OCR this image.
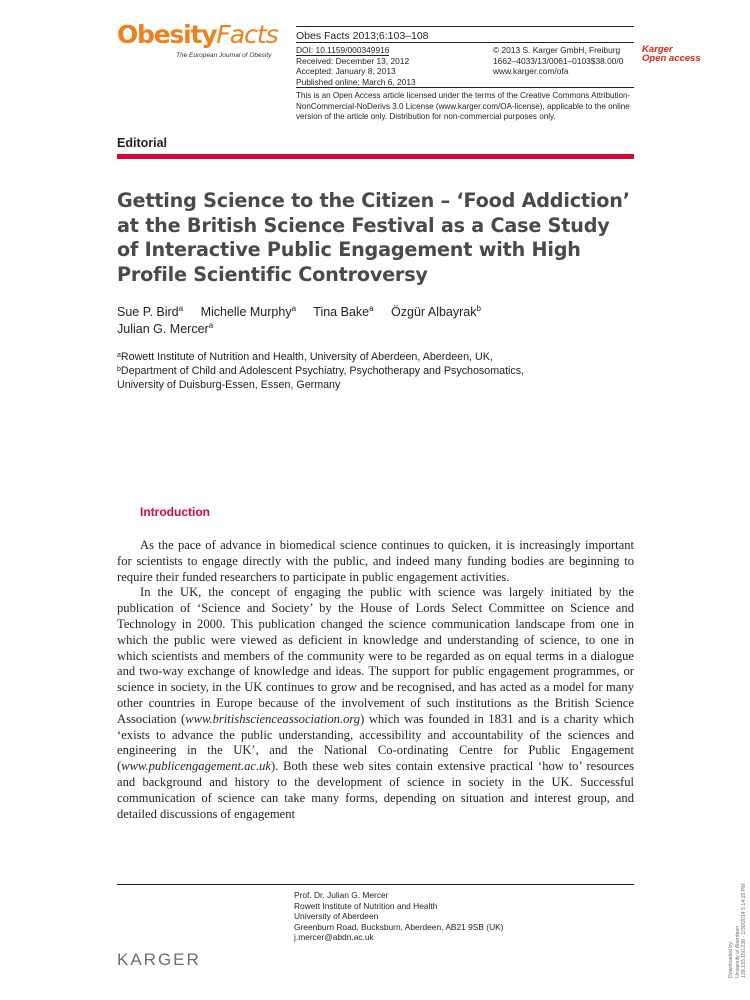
ObesityFacts
The European Journal of Obesity
Obes Facts 2013;6:103–108
DOI: 10.1159/000349916
Received: December 13, 2012
Accepted: January 8, 2013
Published online: March 6, 2013
© 2013 S. Karger GmbH, Freiburg
1662–4033/13/0061–0103$38.00/0
www.karger.com/ofa
Karger
Open access
This is an Open Access article licensed under the terms of the Creative Commons Attribution-NonCommercial-NoDerivs 3.0 License (www.karger.com/OA-license), applicable to the online version of the article only. Distribution for non-commercial purposes only.
Editorial
Getting Science to the Citizen – ‘Food Addiction’ at the British Science Festival as a Case Study of Interactive Public Engagement with High Profile Scientific Controversy
Sue P. Bird$^a$ Michelle Murphy$^a$ Tina Bake$^a$ Özgür Albayrak$^b$
Julian G. Mercer$^a$
$^a$Rowett Institute of Nutrition and Health, University of Aberdeen, Aberdeen, UK,
$^b$Department of Child and Adolescent Psychiatry, Psychotherapy and Psychosomatics,
University of Duisburg-Essen, Essen, Germany
Introduction

As the pace of advance in biomedical science continues to quicken, it is increasingly important for scientists to engage directly with the public, and indeed many funding bodies are beginning to require their funded researchers to participate in public engagement activities.

In the UK, the concept of engaging the public with science was largely initiated by the publication of ‘Science and Society’ by the House of Lords Select Committee on Science and Technology in 2000. This publication changed the science communication landscape from one in which the public were viewed as deficient in knowledge and understanding of science, to one in which scientists and members of the community were to be regarded as on equal terms in a dialogue and two-way exchange of knowledge and ideas. The support for public engagement programmes, or science in society, in the UK continues to grow and be recognised, and has acted as a model for many other countries in Europe because of the involvement of such institutions as the British Science Association (www.britishscienceassociation.org) which was founded in 1831 and is a charity which ‘exists to advance the public understanding, accessibility and accountability of the sciences and engineering in the UK’, and the National Co-ordinating Centre for Public Engagement (www.publicengagement.ac.uk). Both these web sites contain extensive practical ‘how to’ resources and background and history to the development of science in society in the UK. Successful communication of science can take many forms, depending on situation and interest group, and detailed discussions of engagement

Prof. Dr. Julian G. Mercer
Rowett Institute of Nutrition and Health
University of Aberdeen
Greenburn Road, Bucksburn, Aberdeen, AB21 9SB (UK)
j.mercer@abdn.ac.uk
KARGER	Downloaded by: University of Aberdeen 139.133.150.238 - 1/30/2014 5:14:15 PM
